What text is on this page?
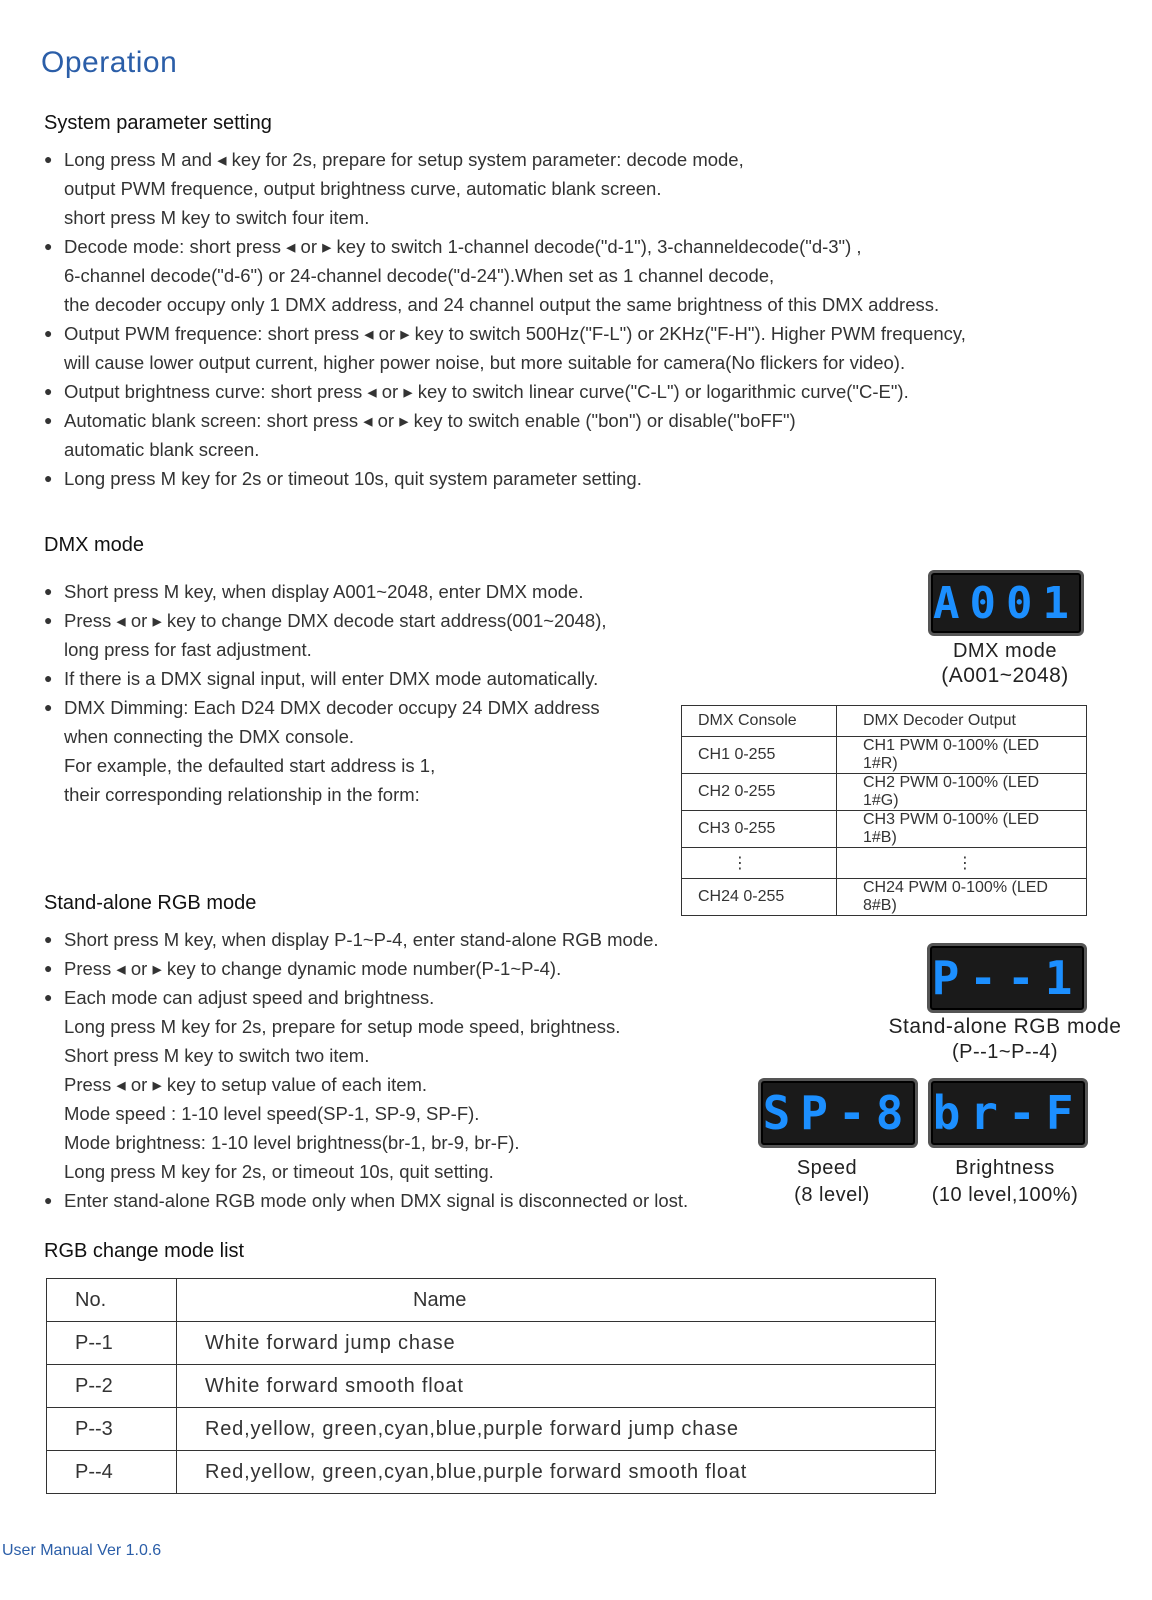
Operation
System parameter setting
● Long press M and ◂ key for 2s, prepare for setup system parameter: decode mode,
output PWM frequence, output brightness curve, automatic blank screen.
short press M key to switch four item.
● Decode mode: short press ◂ or ▸ key to switch 1-channel decode("d-1"), 3-channeldecode("d-3") ,
6-channel decode("d-6") or 24-channel decode("d-24").When set as 1 channel decode,
the decoder occupy only 1 DMX address, and 24 channel output the same brightness of this DMX address.
● Output PWM frequence: short press ◂ or ▸ key to switch 500Hz("F-L") or 2KHz("F-H"). Higher PWM frequency,
will cause lower output current, higher power noise, but more suitable for camera(No flickers for video).
● Output brightness curve: short press ◂ or ▸ key to switch linear curve("C-L") or logarithmic curve("C-E").
● Automatic blank screen: short press ◂ or ▸ key to switch enable ("bon") or disable("boFF")
automatic blank screen.
● Long press M key for 2s or timeout 10s, quit system parameter setting.
DMX mode
● Short press M key, when display A001~2048, enter DMX mode.
● Press ◂ or ▸ key to change DMX decode start address(001~2048),
long press for fast adjustment.
● If there is a DMX signal input, will enter DMX mode automatically.
● DMX Dimming: Each D24 DMX decoder occupy 24 DMX address
when connecting the DMX console.
For example, the defaulted start address is 1,
their corresponding relationship in the form:
A001
DMX mode
(A001~2048)
DMX Console	DMX Decoder Output
CH1 0-255	CH1 PWM 0-100% (LED 1#R)
CH2 0-255	CH2 PWM 0-100% (LED 1#G)
CH3 0-255	CH3 PWM 0-100% (LED 1#B)
⋮	⋮
CH24 0-255	CH24 PWM 0-100% (LED 8#B)
Stand-alone RGB mode
● Short press M key, when display P-1~P-4, enter stand-alone RGB mode.
● Press ◂ or ▸ key to change dynamic mode number(P-1~P-4).
● Each mode can adjust speed and brightness.
Long press M key for 2s, prepare for setup mode speed, brightness.
Short press M key to switch two item.
Press ◂ or ▸ key to setup value of each item.
Mode speed : 1-10 level speed(SP-1, SP-9, SP-F).
Mode brightness: 1-10 level brightness(br-1, br-9, br-F).
Long press M key for 2s, or timeout 10s, quit setting.
● Enter stand-alone RGB mode only when DMX signal is disconnected or lost.
P--1
Stand-alone RGB mode
(P--1~P--4)
SP-8 br-F
Speed
(8 level)
Brightness
(10 level,100%)
RGB change mode list
No.	Name
P--1	White forward jump chase
P--2	White forward smooth float
P--3	Red,yellow, green,cyan,blue,purple forward jump chase
P--4	Red,yellow, green,cyan,blue,purple forward smooth float
User Manual Ver 1.0.6
